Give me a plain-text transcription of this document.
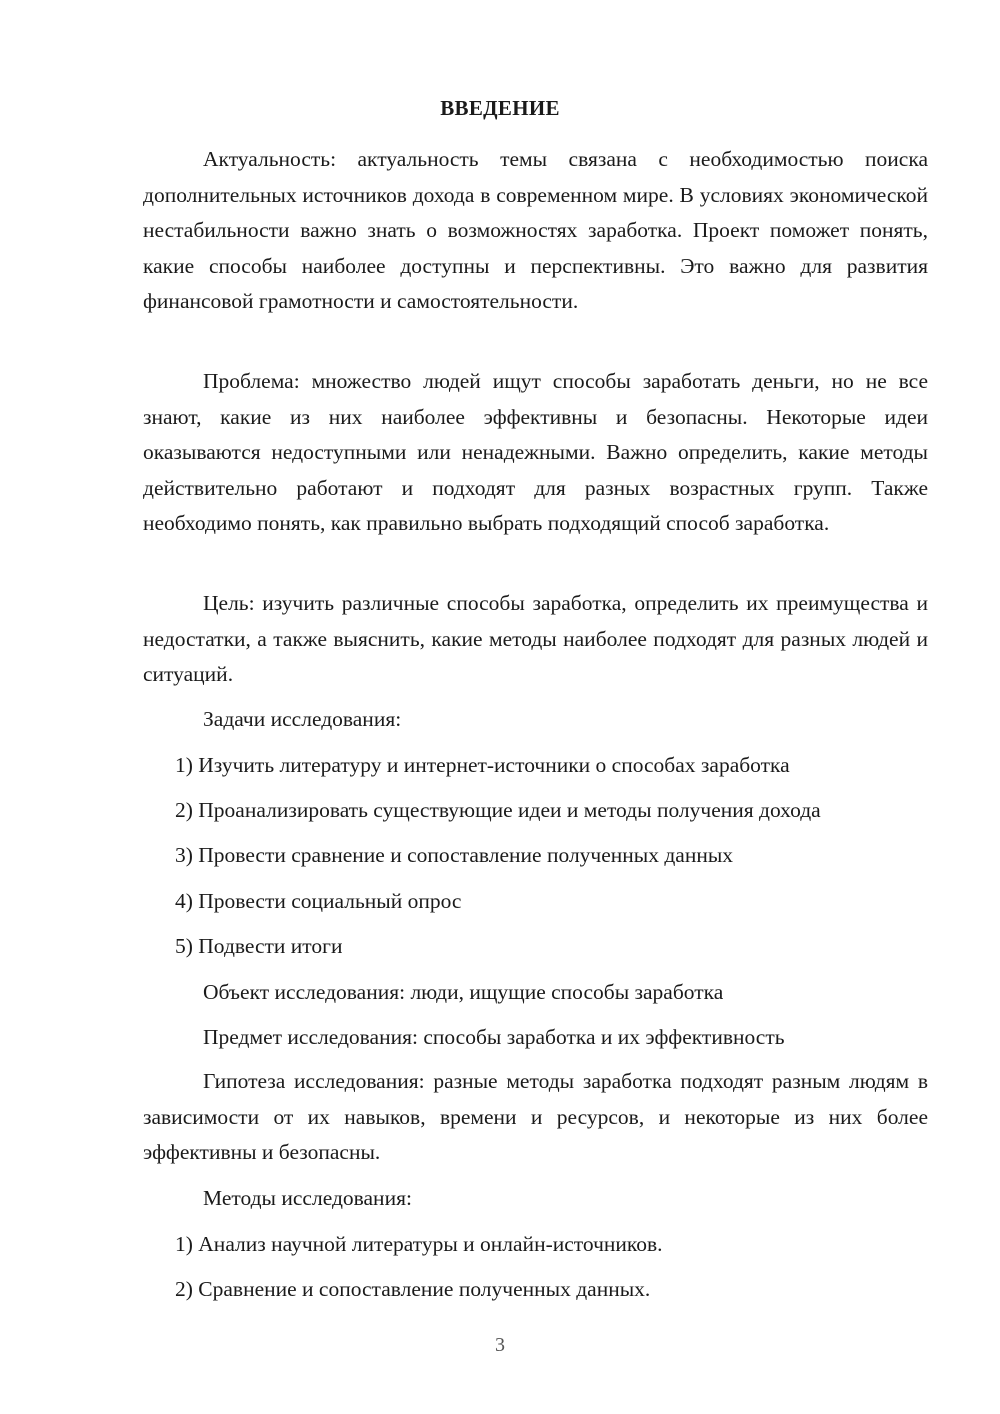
ВВЕДЕНИЕ

Актуальность: актуальность темы связана с необходимостью поиска дополнительных источников дохода в современном мире. В условиях экономической нестабильности важно знать о возможностях заработка. Проект поможет понять, какие способы наиболее доступны и перспективны. Это важно для развития финансовой грамотности и самостоятельности.

Проблема: множество людей ищут способы заработать деньги, но не все знают, какие из них наиболее эффективны и безопасны. Некоторые идеи оказываются недоступными или ненадежными. Важно определить, какие методы действительно работают и подходят для разных возрастных групп. Также необходимо понять, как правильно выбрать подходящий способ заработка.

Цель: изучить различные способы заработка, определить их преимущества и недостатки, а также выяснить, какие методы наиболее подходят для разных людей и ситуаций.

Задачи исследования:

1) Изучить литературу и интернет-источники о способах заработка

2) Проанализировать существующие идеи и методы получения дохода

3) Провести сравнение и сопоставление полученных данных

4) Провести социальный опрос

5) Подвести итоги

Объект исследования: люди, ищущие способы заработка

Предмет исследования: способы заработка и их эффективность

Гипотеза исследования: разные методы заработка подходят разным людям в зависимости от их навыков, времени и ресурсов, и некоторые из них более эффективны и безопасны.

Методы исследования:

1) Анализ научной литературы и онлайн-источников.

2) Сравнение и сопоставление полученных данных.

3
